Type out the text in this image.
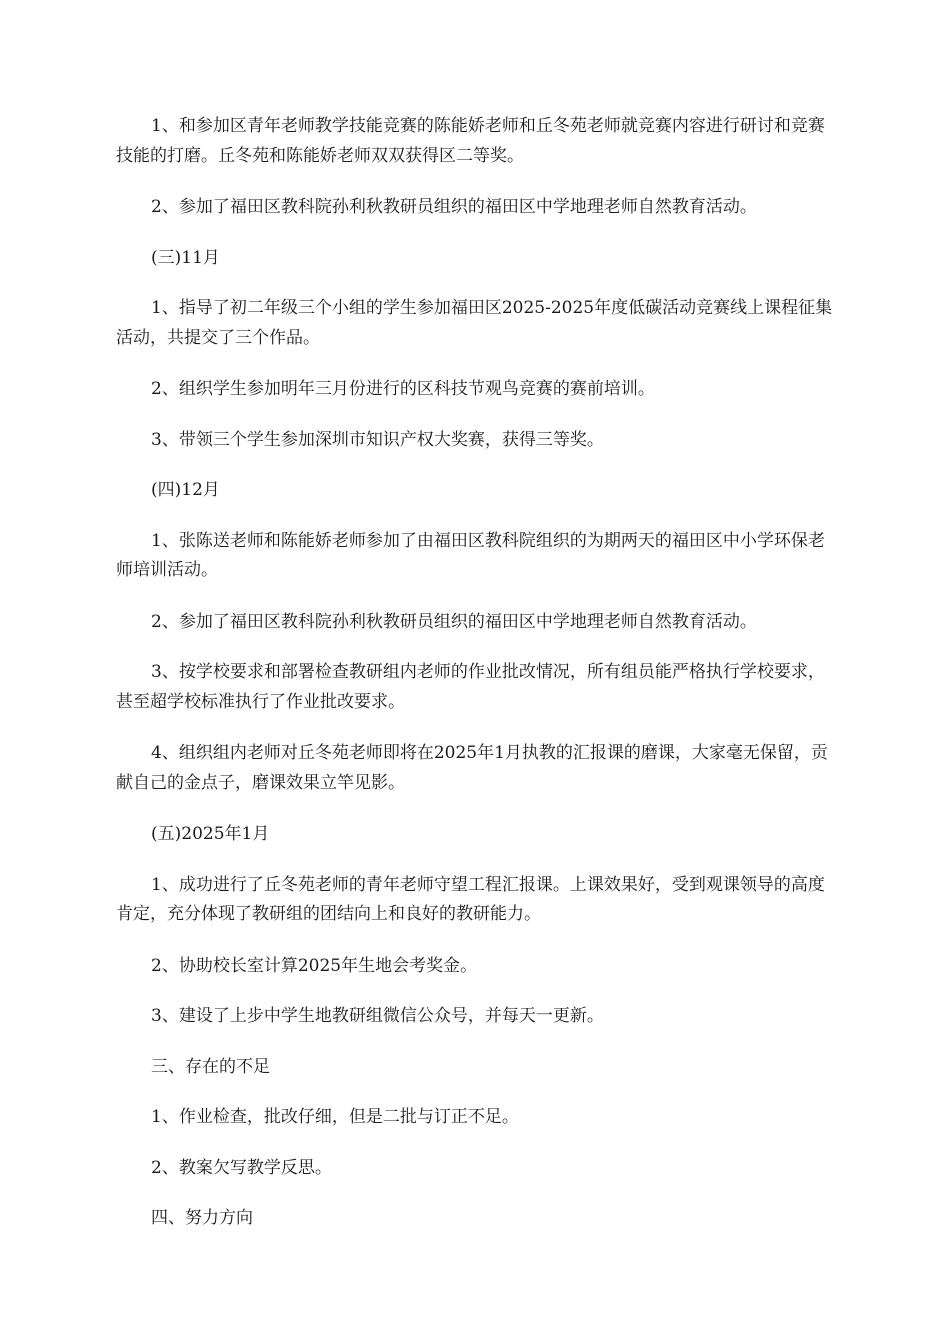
1、和参加区青年老师教学技能竞赛的陈能娇老师和丘冬苑老师就竞赛内容进行研讨和竞赛技能的打磨。丘冬苑和陈能娇老师双双获得区二等奖。

2、参加了福田区教科院孙利秋教研员组织的福田区中学地理老师自然教育活动。

(三)11月

1、指导了初二年级三个小组的学生参加福田区2025-2025年度低碳活动竞赛线上课程征集活动，共提交了三个作品。

2、组织学生参加明年三月份进行的区科技节观鸟竞赛的赛前培训。

3、带领三个学生参加深圳市知识产权大奖赛，获得三等奖。

(四)12月

1、张陈送老师和陈能娇老师参加了由福田区教科院组织的为期两天的福田区中小学环保老师培训活动。

2、参加了福田区教科院孙利秋教研员组织的福田区中学地理老师自然教育活动。

3、按学校要求和部署检查教研组内老师的作业批改情况，所有组员能严格执行学校要求，甚至超学校标准执行了作业批改要求。

4、组织组内老师对丘冬苑老师即将在2025年1月执教的汇报课的磨课，大家毫无保留，贡献自己的金点子，磨课效果立竿见影。

(五)2025年1月

1、成功进行了丘冬苑老师的青年老师守望工程汇报课。上课效果好，受到观课领导的高度肯定，充分体现了教研组的团结向上和良好的教研能力。

2、协助校长室计算2025年生地会考奖金。

3、建设了上步中学生地教研组微信公众号，并每天一更新。

三、存在的不足

1、作业检查，批改仔细，但是二批与订正不足。

2、教案欠写教学反思。

四、努力方向
